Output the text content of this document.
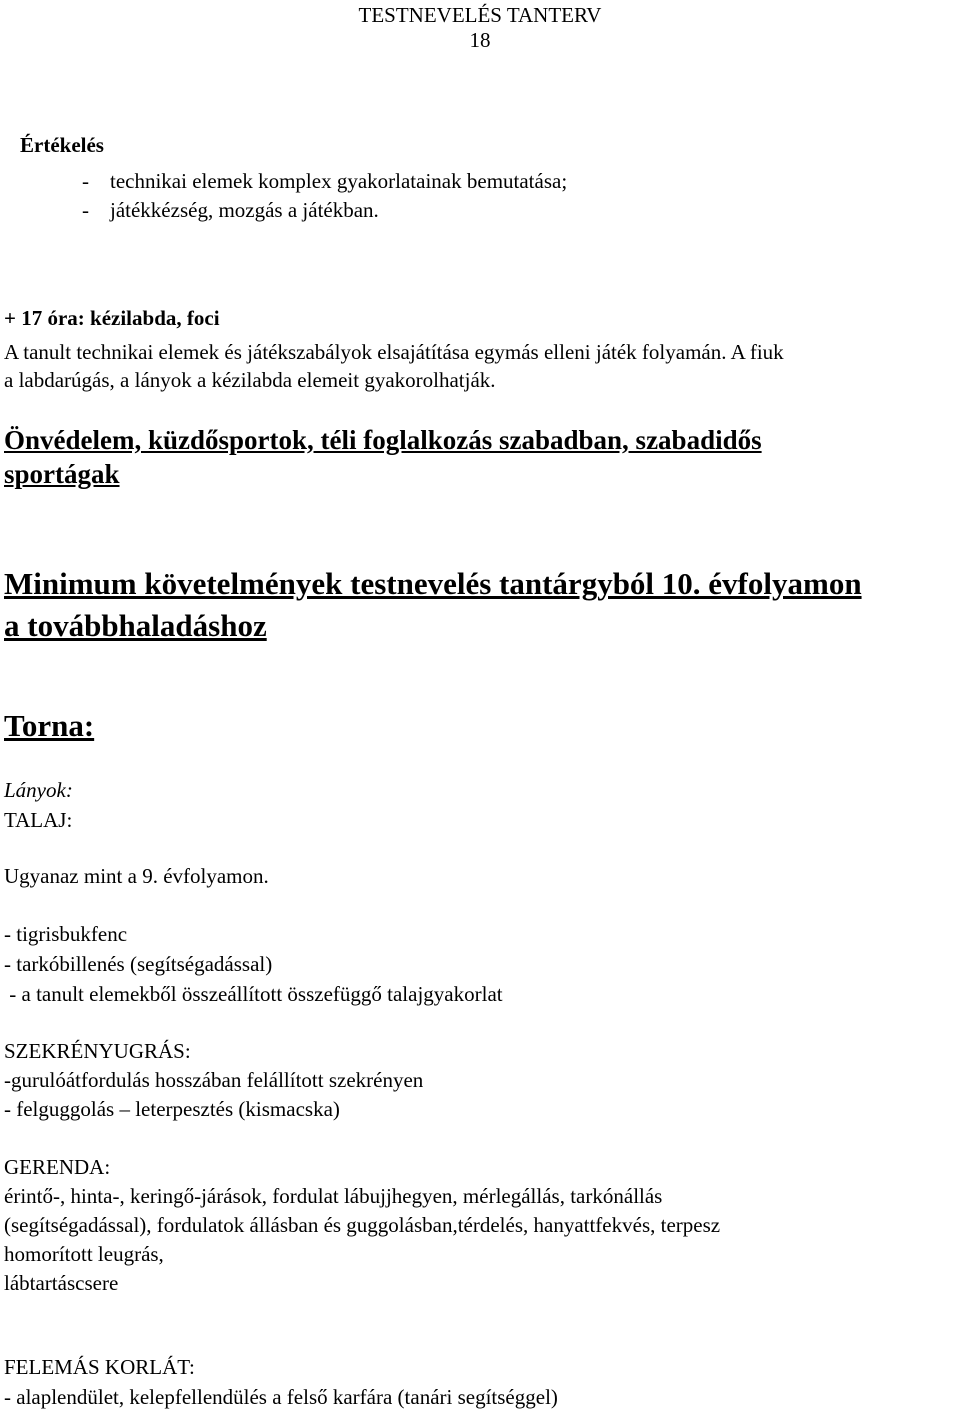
TESTNEVELÉS TANTERV
18
Értékelés
- technikai elemek komplex gyakorlatainak bemutatása;
- játékkézség, mozgás a játékban.
+ 17 óra: kézilabda, foci
A tanult technikai elemek és játékszabályok elsajátítása egymás elleni játék folyamán. A fiuk
a labdarúgás, a lányok a kézilabda elemeit gyakorolhatják.
Önvédelem, küzdősportok, téli foglalkozás szabadban, szabadidős
sportágak
Minimum követelmények testnevelés tantárgyból 10. évfolyamon
a továbbhaladáshoz
Torna:
Lányok:
TALAJ:
Ugyanaz mint a 9. évfolyamon.
- tigrisbukfenc
- tarkóbillenés (segítségadással)
- a tanult elemekből összeállított összefüggő talajgyakorlat
SZEKRÉNYUGRÁS:
-gurulóátfordulás hosszában felállított szekrényen
- felguggolás – leterpesztés (kismacska)
GERENDA:
érintő-, hinta-, keringő-járások, fordulat lábujjhegyen, mérlegállás, tarkónállás
(segítségadással), fordulatok állásban és guggolásban,térdelés, hanyattfekvés, terpesz
homorított leugrás,
lábtartáscsere
FELEMÁS KORLÁT:
- alaplendület, kelepfellendülés a felső karfára (tanári segítséggel)
